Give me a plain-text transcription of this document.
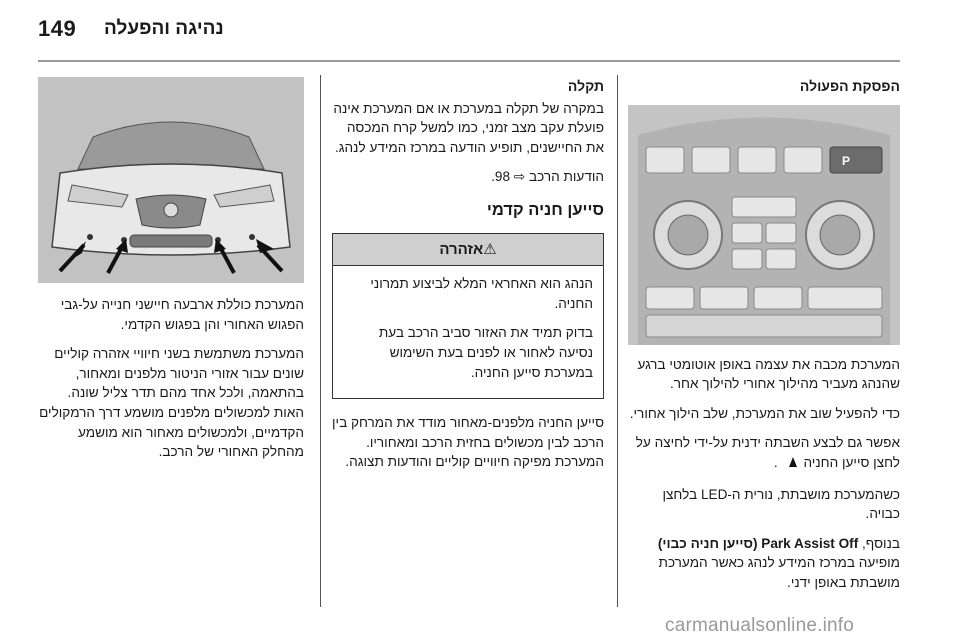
149 נהיגה והפעלה
הפסקת הפעולה
P

המערכת מכבה את עצמה באופן אוטומטי ברגע שהנהג מעביר מהילוך אחורי להילוך אחר.

כדי להפעיל שוב את המערכת, שלב הילוך אחורי.

אפשר גם לבצע השבתה ידנית על-ידי לחיצה על לחצן סייען החניה
.

כשהמערכת מושבתת, נורית ה-LED בלחצן כבויה.

בנוסף, Park Assist Off (סייען חניה כבוי) מופיעה במרכז המידע לנהג כאשר המערכת מושבתת באופן ידני.

תקלה

במקרה של תקלה במערכת או אם המערכת אינה פועלת עקב מצב זמני, כמו למשל קרח המכסה את החיישנים, תופיע הודעה במרכז המידע לנהג.

הודעות הרכב ⇨ 98.

סייען חניה קדמי
⚠אזהרה

הנהג הוא האחראי המלא לביצוע תמרוני החניה.

בדוק תמיד את האזור סביב הרכב בעת נסיעה לאחור או לפנים בעת השימוש במערכת סייען החניה.

סייען החניה מלפנים-מאחור מודד את המרחק בין הרכב לבין מכשולים בחזית הרכב ומאחוריו. המערכת מפיקה חיוויים קוליים והודעות תצוגה.

המערכת כוללת ארבעה חיישני חנייה על-גבי הפגוש האחורי והן בפגוש הקדמי.

המערכת משתמשת בשני חיוויי אזהרה קוליים שונים עבור אזורי הניטור מלפנים ומאחור, בהתאמה, ולכל אחד מהם תדר צליל שונה. האות למכשולים מלפנים מושמע דרך הרמקולים הקדמיים, ולמכשולים מאחור הוא מושמע מהחלק האחורי של הרכב.

carmanualsonline.info
